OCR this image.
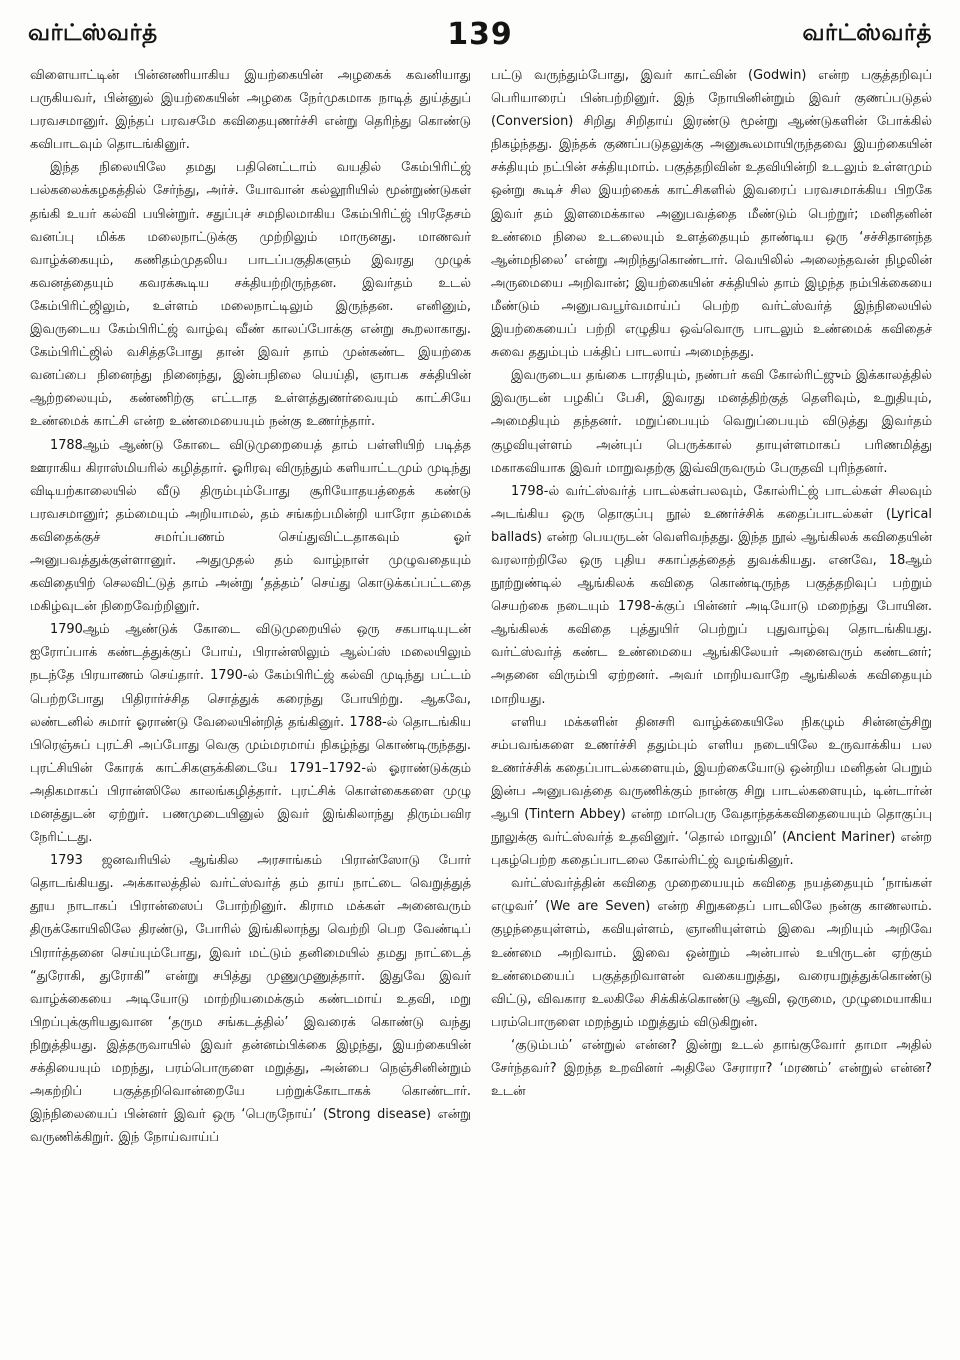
வர்ட்ஸ்வர்த்	139	வர்ட்ஸ்வர்த்

விளையாட்டின் பின்னணியாகிய இயற்கையின் அழகைக் கவனியாது பருகியவர், பின்னுல் இயற்கையின் அழகை நேர்முகமாக நாடித் துய்த்துப் பரவசமானுர். இந்தப் பரவசமே கவிதையுணர்ச்சி என்று தெரிந்து கொண்டு கவிபாடவும் தொடங்கினுர்.

இந்த நிலையிலே தமது பதினெட்டாம் வயதில் கேம்பிரிட்ஜ் பல்கலைக்கழகத்தில் சேர்ந்து, அர்ச். யோவான் கல்லூரியில் மூன்றுண்டுகள் தங்கி உயர் கல்வி பயின்றுர். சதுப்புச் சமநிலமாகிய கேம்பிரிட்ஜ் பிரதேசம் வனப்பு மிக்க மலைநாட்டுக்கு முற்றிலும் மாருனது. மாணவர் வாழ்க்கையும், கணிதம்முதலிய பாடப்பகுதிகளும் இவரது முழுக் கவனத்தையும் கவரக்கூடிய சக்தியற்றிருந்தன. இவர்தம் உடல் கேம்பிரிட்ஜிலும், உள்ளம் மலைநாட்டிலும் இருந்தன. எனினும், இவருடைய கேம்பிரிட்ஜ் வாழ்வு வீண் காலப்போக்கு என்று கூறலாகாது. கேம்பிரிட்ஜில் வசித்தபோது தான் இவர் தாம் முன்கண்ட இயற்கை வனப்பை நினைந்து நினைந்து, இன்பநிலை யெய்தி, ஞாபக சக்தியின் ஆற்றலையும், கண்ணிற்கு எட்டாத உள்ளத்துணர்வையும் காட்சியே உண்மைக் காட்சி என்ற உண்மையையும் நன்கு உணர்ந்தார்.

1788ஆம் ஆண்டு கோடை விடுமுறையைத் தாம் பள்ளியிற் படித்த ஊராகிய கிராஸ்மியரில் கழித்தார். ஓரிரவு விருந்தும் களியாட்டமும் முடிந்து விடியற்காலையில் வீடு திரும்பும்போது சூரியோதயத்தைக் கண்டு பரவசமானுர்; தம்மையும் அறியாமல், தம் சங்கற்பமின்றி யாரோ தம்மைக் கவிதைக்குச் சமர்ப்பணம் செய்துவிட்டதாகவும் ஓர் அனுபவத்துக்குள்ளானுர். அதுமுதல் தம் வாழ்நாள் முழுவதையும் கவிதையிற் செலவிட்டுத் தாம் அன்று ‘தத்தம்’ செய்து கொடுக்கப்பட்டதை மகிழ்வுடன் நிறைவேற்றினுர்.

1790ஆம் ஆண்டுக் கோடை விடுமுறையில் ஒரு சகபாடியுடன் ஐரோப்பாக் கண்டத்துக்குப் போய், பிரான்ஸிலும் ஆல்ப்ஸ் மலையிலும் நடந்தே பிரயாணம் செய்தார். 1790-ல் கேம்பிரிட்ஜ் கல்வி முடிந்து பட்டம் பெற்றபோது பிதிரார்ச்சித சொத்துக் கரைந்து போயிற்று. ஆகவே, லண்டனில் சுமார் ஓராண்டு வேலையின்றித் தங்கினுர். 1788-ல் தொடங்கிய பிரெஞ்சுப் புரட்சி அப்போது வெகு மும்மரமாய் நிகழ்ந்து கொண்டிருந்தது. புரட்சியின் கோரக் காட்சிகளுக்கிடையே 1791–1792-ல் ஓராண்டுக்கும் அதிகமாகப் பிரான்ஸிலே காலங்கழித்தார். புரட்சிக் கொள்கைகளை முழு மனத்துடன் ஏற்றுர். பணமுடையினுல் இவர் இங்கிலாந்து திரும்பவிர நேரிட்டது.

1793 ஜனவரியில் ஆங்கில அரசாங்கம் பிரான்ஸோடு போர் தொடங்கியது. அக்காலத்தில் வர்ட்ஸ்வர்த் தம் தாய் நாட்டை வெறுத்துத் தூய நாடாகப் பிரான்ஸைப் போற்றினுர். கிராம மக்கள் அனைவரும் திருக்கோயிலிலே திரண்டு, போரில் இங்கிலாந்து வெற்றி பெற வேண்டிப் பிரார்த்தனை செய்யும்போது, இவர் மட்டும் தனிமையில் தமது நாட்டைத் “துரோகி, துரோகி” என்று சபித்து முணுமுணுத்தார். இதுவே இவர் வாழ்க்கையை அடியோடு மாற்றியமைக்கும் கண்டமாய் உதவி, மறு பிறப்புக்குரியதுவான ‘தரும சங்கடத்தில்’ இவரைக் கொண்டு வந்து நிறுத்தியது. இத்தருவாயில் இவர் தன்னம்பிக்கை இழந்து, இயற்கையின் சக்தியையும் மறந்து, பரம்பொருளை மறுத்து, அன்பை நெஞ்சினின்றும் அகற்றிப் பகுத்தறிவொன்றையே பற்றுக்கோடாகக் கொண்டார். இந்நிலையைப் பின்னர் இவர் ஒரு ‘பெருநோய்’ (Strong disease) என்று வருணிக்கிறுர். இந் நோய்வாய்ப்

பட்டு வருந்தும்போது, இவர் காட்வின் (Godwin) என்ற பகுத்தறிவுப் பெரியாரைப் பின்பற்றினுர். இந் நோயினின்றும் இவர் குணப்படுதல் (Conversion) சிறிது சிறிதாய் இரண்டு மூன்று ஆண்டுகளின் போக்கில் நிகழ்ந்தது. இந்தக் குணப்படுதலுக்கு அனுகூலமாயிருந்தவை இயற்கையின் சக்தியும் நட்பின் சக்தியுமாம். பகுத்தறிவின் உதவியின்றி உடலும் உள்ளமும் ஒன்று கூடிச் சில இயற்கைக் காட்சிகளில் இவரைப் பரவசமாக்கிய பிறகே இவர் தம் இளமைக்கால அனுபவத்தை மீண்டும் பெற்றுர்; மனிதனின் உண்மை நிலை உடலையும் உளத்தையும் தாண்டிய ஒரு ‘சச்சிதானந்த ஆன்மநிலை’ என்று அறிந்துகொண்டார். வெயிலில் அலைந்தவன் நிழலின் அருமையை அறிவான்; இயற்கையின் சக்தியில் தாம் இழந்த நம்பிக்கையை மீண்டும் அனுபவபூர்வமாய்ப் பெற்ற வர்ட்ஸ்வர்த் இந்நிலையில் இயற்கையைப் பற்றி எழுதிய ஒவ்வொரு பாடலும் உண்மைக் கவிதைச் சுவை ததும்பும் பக்திப் பாடலாய் அமைந்தது.

இவருடைய தங்கை டாரதியும், நண்பர் கவி கோல்ரிட்ஜும் இக்காலத்தில் இவருடன் பழகிப் பேசி, இவரது மனத்திற்குத் தெளிவும், உறுதியும், அமைதியும் தந்தனர். மறுப்பையும் வெறுப்பையும் விடுத்து இவர்தம் குழவியுள்ளம் அன்புப் பெருக்கால் தாயுள்ளமாகப் பரிணமித்து மகாகவியாக இவர் மாறுவதற்கு இவ்விருவரும் பேருதவி புரிந்தனர்.

1798-ல் வர்ட்ஸ்வர்த் பாடல்கள்பலவும், கோல்ரிட்ஜ் பாடல்கள் சிலவும் அடங்கிய ஒரு தொகுப்பு நூல் உணர்ச்சிக் கதைப்பாடல்கள் (Lyrical ballads) என்ற பெயருடன் வெளிவந்தது. இந்த நூல் ஆங்கிலக் கவிதையின் வரலாற்றிலே ஒரு புதிய சகாப்தத்தைத் துவக்கியது. எனவே, 18ஆம் நூற்றுண்டில் ஆங்கிலக் கவிதை கொண்டிருந்த பகுத்தறிவுப் பற்றும் செயற்கை நடையும் 1798-க்குப் பின்னர் அடியோடு மறைந்து போயின. ஆங்கிலக் கவிதை புத்துயிர் பெற்றுப் புதுவாழ்வு தொடங்கியது. வர்ட்ஸ்வர்த் கண்ட உண்மையை ஆங்கிலேயர் அனைவரும் கண்டனர்; அதனை விரும்பி ஏற்றனர். அவர் மாறியவாறே ஆங்கிலக் கவிதையும் மாறியது.

எளிய மக்களின் தினசரி வாழ்க்கையிலே நிகழும் சின்னஞ்சிறு சம்பவங்களை உணர்ச்சி ததும்பும் எளிய நடையிலே உருவாக்கிய பல உணர்ச்சிக் கதைப்பாடல்களையும், இயற்கையோடு ஒன்றிய மனிதன் பெறும் இன்ப அனுபவத்தை வருணிக்கும் நான்கு சிறு பாடல்களையும், டின்டார்ன் ஆபி (Tintern Abbey) என்ற மாபெரு வேதாந்தக்கவிதையையும் தொகுப்பு நூலுக்கு வர்ட்ஸ்வர்த் உதவினுர். ‘தொல் மாலுமி’ (Ancient Mariner) என்ற புகழ்பெற்ற கதைப்பாடலை கோல்ரிட்ஜ் வழங்கினுர்.

வர்ட்ஸ்வர்த்தின் கவிதை முறையையும் கவிதை நயத்தையும் ‘நாங்கள் எழுவர்’ (We are Seven) என்ற சிறுகதைப் பாடலிலே நன்கு காணலாம். குழந்தையுள்ளம், கவியுள்ளம், ஞானியுள்ளம் இவை அறியும் அறிவே உண்மை அறிவாம். இவை ஒன்றும் அன்பால் உயிருடன் ஏற்கும் உண்மையைப் பகுத்தறிவாளன் வகையறுத்து, வரையறுத்துக்கொண்டு விட்டு, விவகார உலகிலே சிக்கிக்கொண்டு ஆவி, ஒருமை, முழுமையாகிய பரம்பொருளை மறந்தும் மறுத்தும் விடுகிறுன்.

‘குடும்பம்’ என்றுல் என்ன? இன்று உடல் தாங்குவோர் தாமா அதில் சேர்ந்தவர்? இறந்த உறவினர் அதிலே சேராரா? ‘மரணம்’ என்றுல் என்ன? உடன்
